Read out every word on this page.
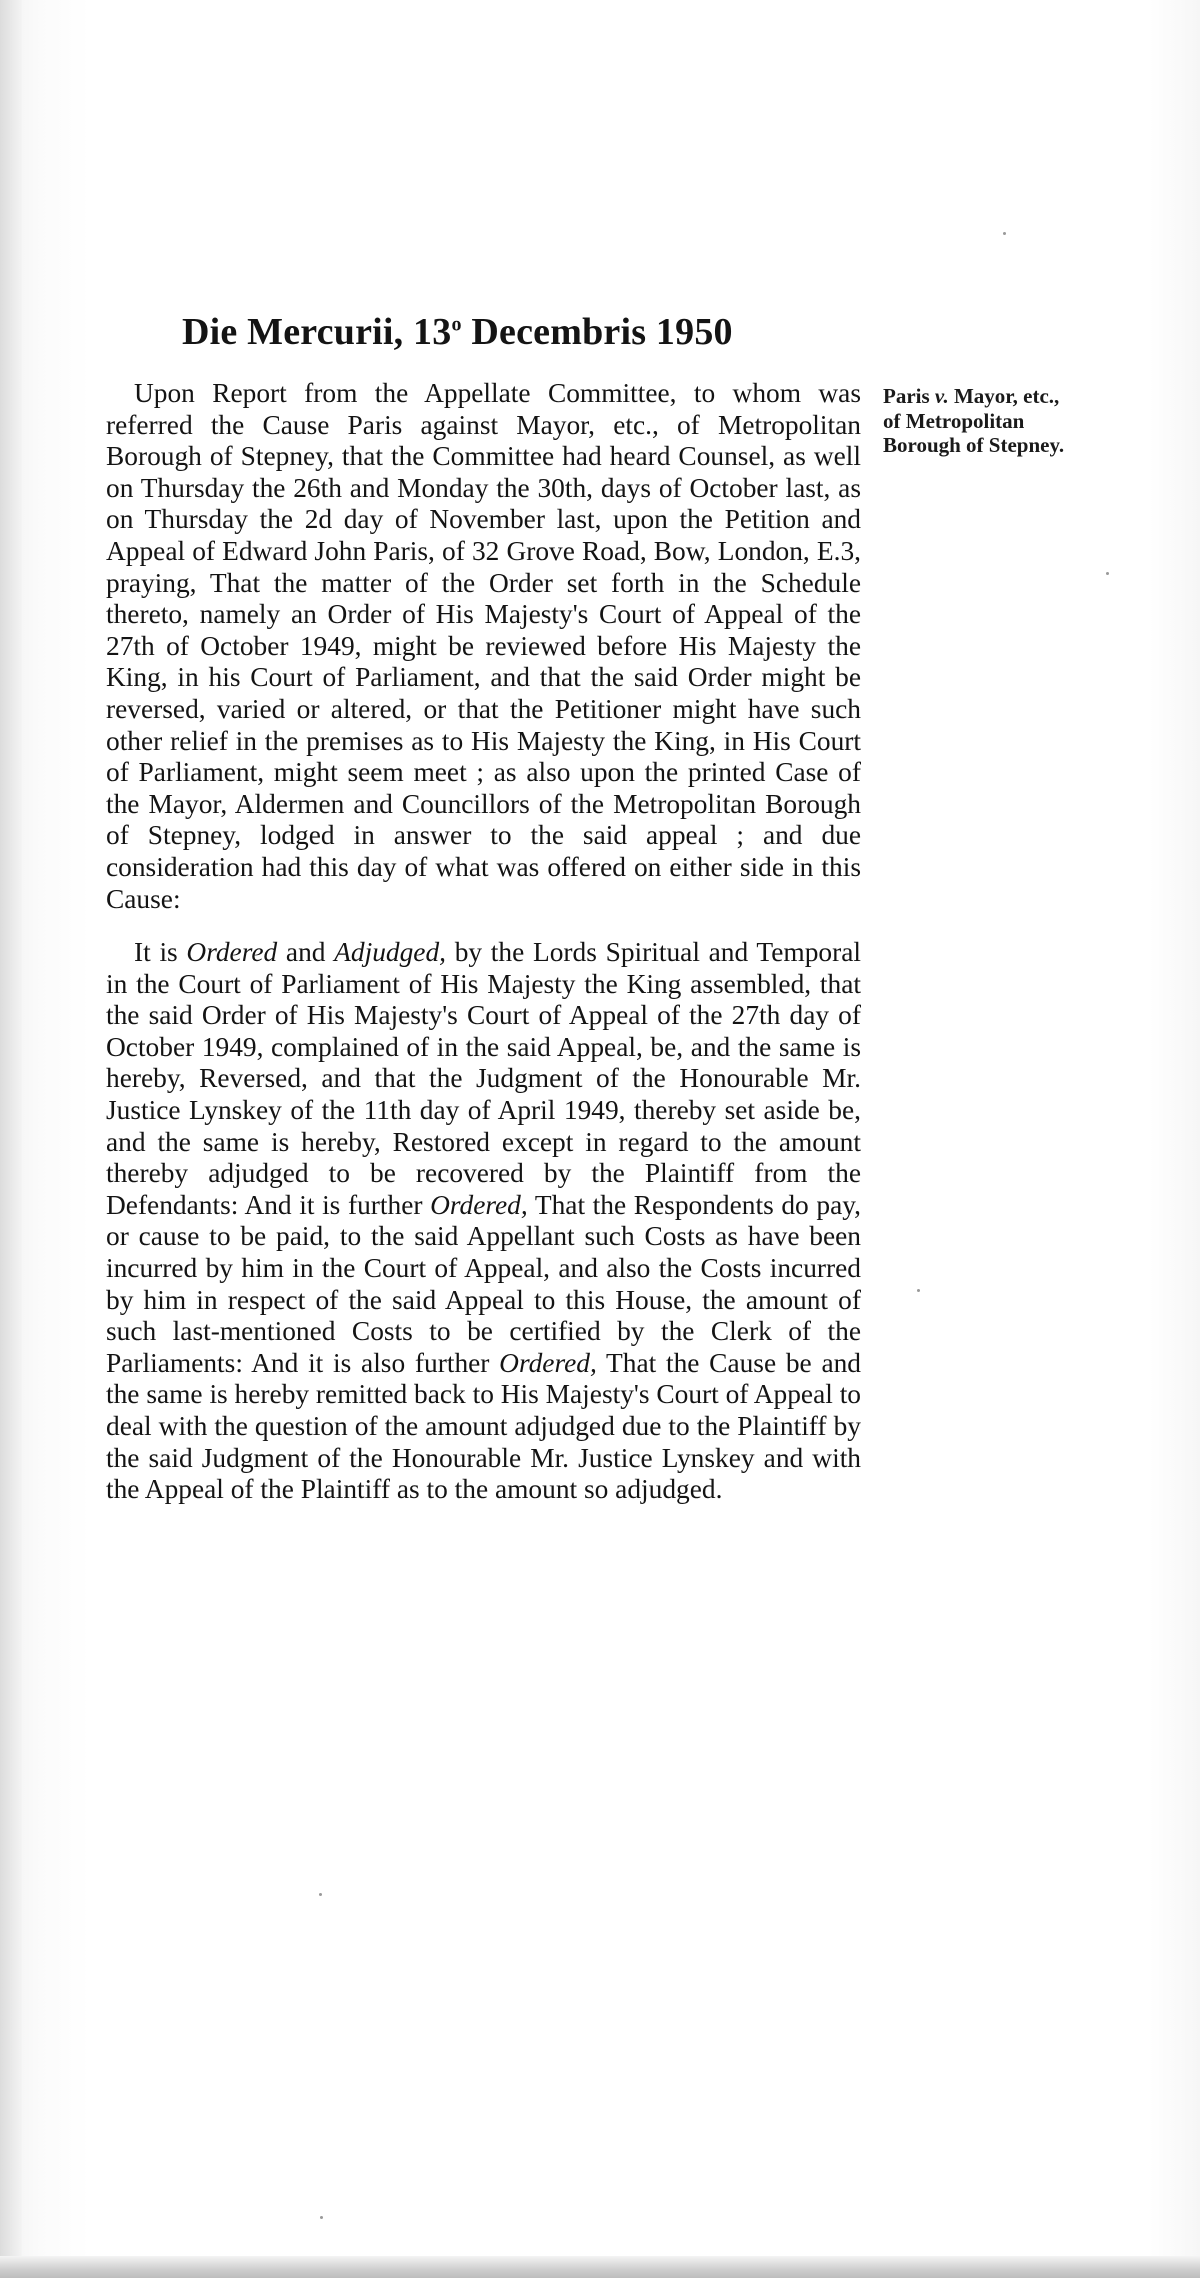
Die Mercurii, 13$^o$ Decembris 1950

Upon Report from the Appellate Committee, to whom was referred the Cause Paris against Mayor, etc., of Metropolitan Borough of Stepney, that the Committee had heard Counsel, as well on Thursday the 26th and Monday the 30th, days of October last, as on Thursday the 2d day of November last, upon the Petition and Appeal of Edward John Paris, of 32 Grove Road, Bow, London, E.3, praying, That the matter of the Order set forth in the Schedule thereto, namely an Order of His Majesty's Court of Appeal of the 27th of October 1949, might be reviewed before His Majesty the King, in his Court of Parliament, and that the said Order might be reversed, varied or altered, or that the Petitioner might have such other relief in the premises as to His Majesty the King, in His Court of Parliament, might seem meet ; as also upon the printed Case of the Mayor, Aldermen and Councillors of the Metropolitan Borough of Stepney, lodged in answer to the said appeal ; and due consideration had this day of what was offered on either side in this Cause:

It is Ordered and Adjudged, by the Lords Spiritual and Temporal in the Court of Parliament of His Majesty the King assembled, that the said Order of His Majesty's Court of Appeal of the 27th day of October 1949, complained of in the said Appeal, be, and the same is hereby, Reversed, and that the Judgment of the Honourable Mr. Justice Lynskey of the 11th day of April 1949, thereby set aside be, and the same is hereby, Restored except in regard to the amount thereby adjudged to be recovered by the Plaintiff from the Defendants: And it is further Ordered, That the Respondents do pay, or cause to be paid, to the said Appellant such Costs as have been incurred by him in the Court of Appeal, and also the Costs incurred by him in respect of the said Appeal to this House, the amount of such last-mentioned Costs to be certified by the Clerk of the Parliaments: And it is also further Ordered, That the Cause be and the same is hereby remitted back to His Majesty's Court of Appeal to deal with the question of the amount adjudged due to the Plaintiff by the said Judgment of the Honourable Mr. Justice Lynskey and with the Appeal of the Plaintiff as to the amount so adjudged.

Paris v. Mayor, etc., of Metropolitan Borough of Stepney.
